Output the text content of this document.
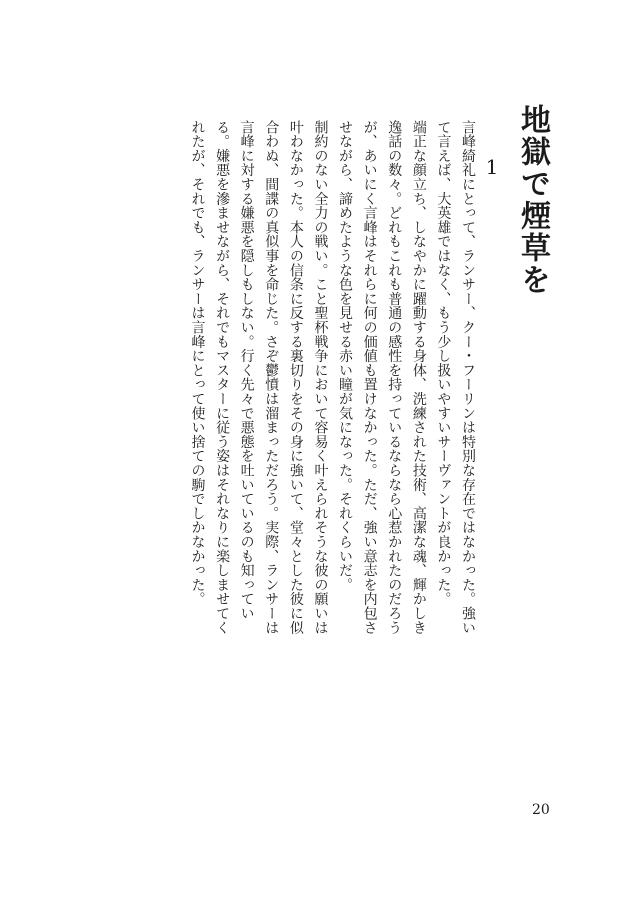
地獄で煙草を
1

言峰綺礼にとって、ランサー、クー・フーリンは特別な存在ではなかった。強いて言えば、大英雄ではなく、もう少し扱いやすいサーヴァントが良かった。

端正な顔立ち、しなやかに躍動する身体、洗練された技術、高潔な魂、輝かしき逸話の数々。どれもこれも普通の感性を持っているならなら心惹かれたのだろうが、あいにく言峰はそれらに何の価値も置けなかった。ただ、強い意志を内包させながら、諦めたような色を見せる赤い瞳が気になった。それくらいだ。

制約のない全力の戦い。こと聖杯戦争において容易く叶えられそうな彼の願いは叶わなかった。本人の信条に反する裏切りをその身に強いて、堂々とした彼に似合わぬ、間諜の真似事を命じた。さぞ鬱憤は溜まっただろう。実際、ランサーは言峰に対する嫌悪を隠しもしない。行く先々で悪態を吐いているのも知っている。嫌悪を滲ませながら、それでもマスターに従う姿はそれなりに楽しませてくれたが、それでも、ランサーは言峰にとって使い捨ての駒でしかなかった。

20
